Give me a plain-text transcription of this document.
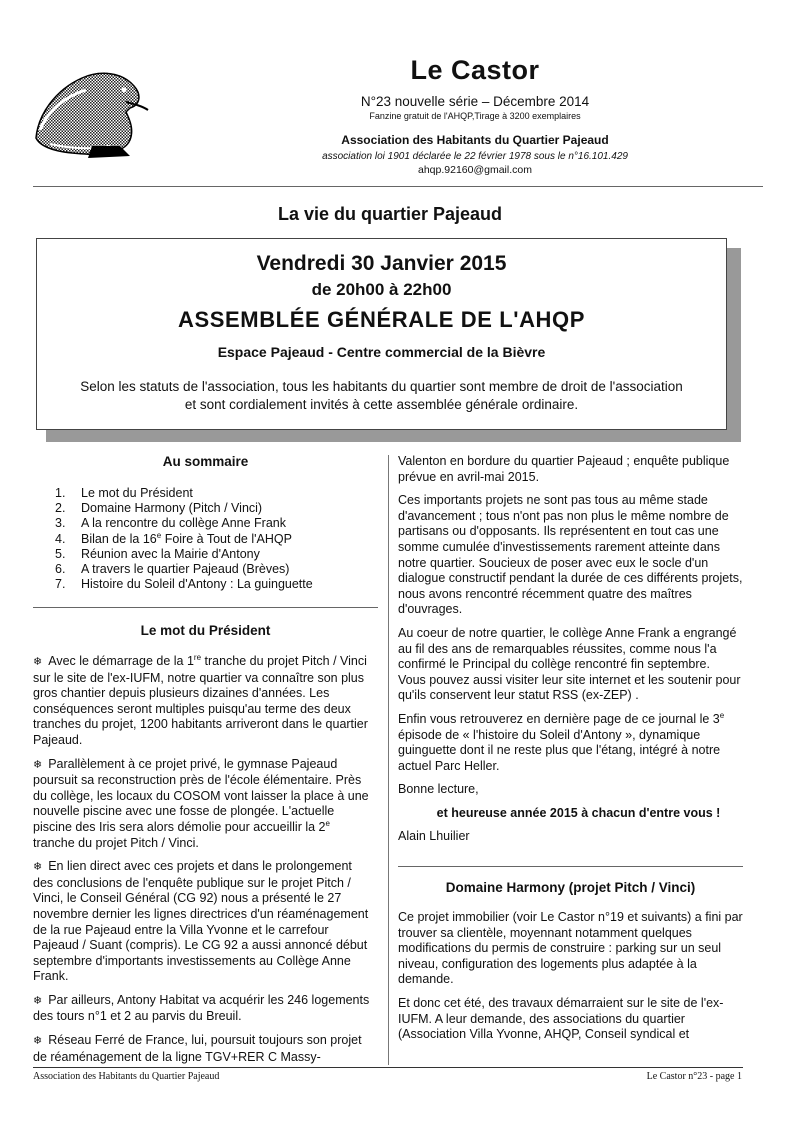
Le Castor
N°23 nouvelle série – Décembre 2014
Fanzine gratuit de l'AHQP,Tirage à 3200 exemplaires
Association des Habitants du Quartier Pajeaud
association loi 1901 déclarée le 22 février 1978 sous le n°16.101.429
ahqp.92160@gmail.com
La vie du quartier Pajeaud
Vendredi 30 Janvier 2015
de 20h00 à 22h00
ASSEMBLÉE GÉNÉRALE DE L'AHQP
Espace Pajeaud - Centre commercial de la Bièvre
Selon les statuts de l'association, tous les habitants du quartier sont membre de droit de l'association
et sont cordialement invités à cette assemblée générale ordinaire.
Au sommaire
1.	Le mot du Président
2.	Domaine Harmony (Pitch / Vinci)
3.	A la rencontre du collège Anne Frank
4.	Bilan de la 16e Foire à Tout de l'AHQP
5.	Réunion avec la Mairie d'Antony
6.	A travers le quartier Pajeaud (Brèves)
7.	Histoire du Soleil d'Antony : La guinguette
Le mot du Président

❄ Avec le démarrage de la 1re tranche du projet Pitch / Vinci sur le site de l'ex-IUFM, notre quartier va connaître son plus gros chantier depuis plusieurs dizaines d'années. Les conséquences seront multiples puisqu'au terme des deux tranches du projet, 1200 habitants arriveront dans le quartier Pajeaud.

❄ Parallèlement à ce projet privé, le gymnase Pajeaud poursuit sa reconstruction près de l'école élémentaire. Près du collège, les locaux du COSOM vont laisser la place à une nouvelle piscine avec une fosse de plongée. L'actuelle piscine des Iris sera alors démolie pour accueillir la 2e tranche du projet Pitch / Vinci.

❄ En lien direct avec ces projets et dans le prolongement des conclusions de l'enquête publique sur le projet Pitch / Vinci, le Conseil Général (CG 92) nous a présenté le 27 novembre dernier les lignes directrices d'un réaménagement de la rue Pajeaud entre la Villa Yvonne et le carrefour Pajeaud / Suant (compris). Le CG 92 a aussi annoncé début septembre d'importants investissements au Collège Anne Frank.

❄ Par ailleurs, Antony Habitat va acquérir les 246 logements des tours n°1 et 2 au parvis du Breuil.

❄ Réseau Ferré de France, lui, poursuit toujours son projet de réaménagement de la ligne TGV+RER C Massy-

Valenton en bordure du quartier Pajeaud ; enquête publique prévue en avril-mai 2015.

Ces importants projets ne sont pas tous au même stade d'avancement ; tous n'ont pas non plus le même nombre de partisans ou d'opposants. Ils représentent en tout cas une somme cumulée d'investissements rarement atteinte dans notre quartier. Soucieux de poser avec eux le socle d'un dialogue constructif pendant la durée de ces différents projets, nous avons rencontré récemment quatre des maîtres d'ouvrages.

Au coeur de notre quartier, le collège Anne Frank a engrangé au fil des ans de remarquables réussites, comme nous l'a confirmé le Principal du collège rencontré fin septembre.

Vous pouvez aussi visiter leur site internet et les soutenir pour qu'ils conservent leur statut RSS (ex-ZEP) .

Enfin vous retrouverez en dernière page de ce journal le 3e épisode de « l'histoire du Soleil d'Antony », dynamique guinguette dont il ne reste plus que l'étang, intégré à notre actuel Parc Heller.

Bonne lecture,

et heureuse année 2015 à chacun d'entre vous !

Alain Lhuilier

Domaine Harmony (projet Pitch / Vinci)

Ce projet immobilier (voir Le Castor n°19 et suivants) a fini par trouver sa clientèle, moyennant notamment quelques modifications du permis de construire : parking sur un seul niveau, configuration des logements plus adaptée à la demande.

Et donc cet été, des travaux démarraient sur le site de l'ex-IUFM. A leur demande, des associations du quartier (Association Villa Yvonne, AHQP, Conseil syndical et

Association des Habitants du Quartier Pajeaud	Le Castor n°23 - page 1
